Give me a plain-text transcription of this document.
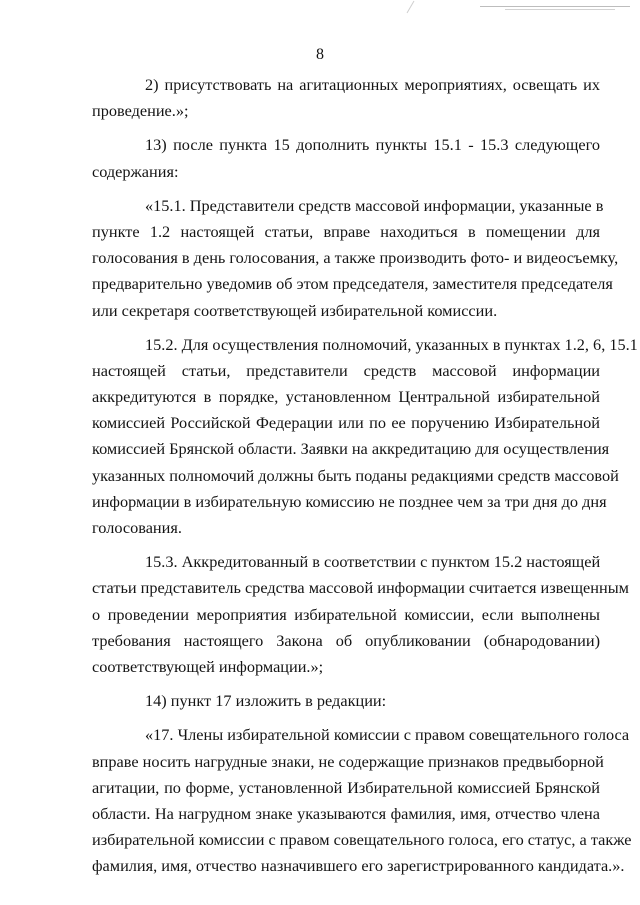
8
2) присутствовать на агитационных мероприятиях, освещать их
проведение.»;
13) после пункта 15 дополнить пункты 15.1 - 15.3 следующего
содержания:
«15.1. Представители средств массовой информации, указанные в
пункте 1.2 настоящей статьи, вправе находиться в помещении для
голосования в день голосования, а также производить фото- и видеосъемку,
предварительно уведомив об этом председателя, заместителя председателя
или секретаря соответствующей избирательной комиссии.
15.2. Для осуществления полномочий, указанных в пунктах 1.2, 6, 15.1
настоящей статьи, представители средств массовой информации
аккредитуются в порядке, установленном Центральной избирательной
комиссией Российской Федерации или по ее поручению Избирательной
комиссией Брянской области. Заявки на аккредитацию для осуществления
указанных полномочий должны быть поданы редакциями средств массовой
информации в избирательную комиссию не позднее чем за три дня до дня
голосования.
15.3. Аккредитованный в соответствии с пунктом 15.2 настоящей
статьи представитель средства массовой информации считается извещенным
о проведении мероприятия избирательной комиссии, если выполнены
требования настоящего Закона об опубликовании (обнародовании)
соответствующей информации.»;
14) пункт 17 изложить в редакции:
«17. Члены избирательной комиссии с правом совещательного голоса
вправе носить нагрудные знаки, не содержащие признаков предвыборной
агитации, по форме, установленной Избирательной комиссией Брянской
области. На нагрудном знаке указываются фамилия, имя, отчество члена
избирательной комиссии с правом совещательного голоса, его статус, а также
фамилия, имя, отчество назначившего его зарегистрированного кандидата.».
